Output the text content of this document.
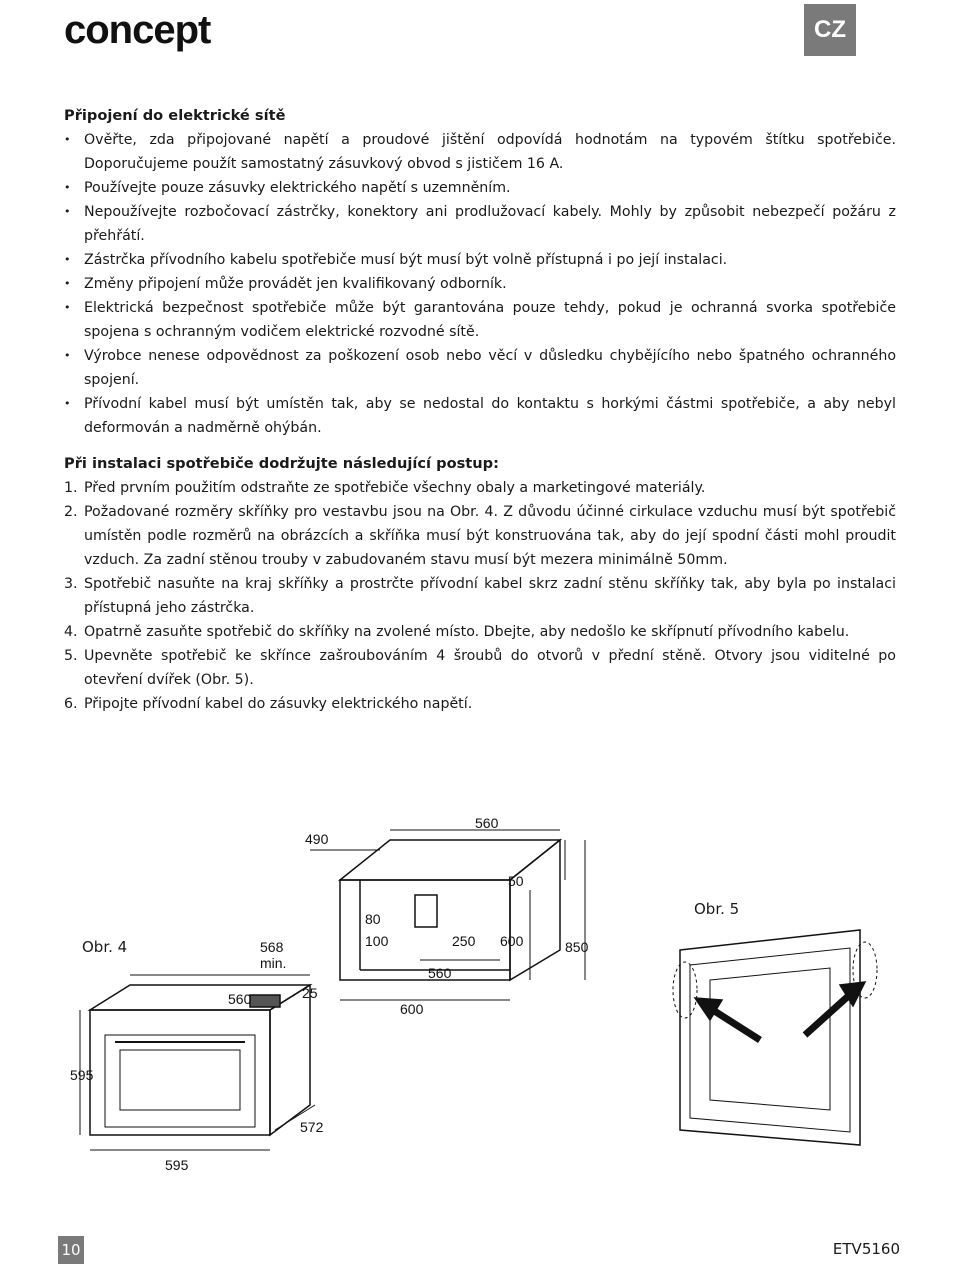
concept	CZ
Připojení do elektrické sítě
• Ověřte, zda připojované napětí a proudové jištění odpovídá hodnotám na typovém štítku spotřebiče. Doporučujeme použít samostatný zásuvkový obvod s jističem 16 A.
• Používejte pouze zásuvky elektrického napětí s uzemněním.
• Nepoužívejte rozbočovací zástrčky, konektory ani prodlužovací kabely. Mohly by způsobit nebezpečí požáru z přehřátí.
• Zástrčka přívodního kabelu spotřebiče musí být musí být volně přístupná i po její instalaci.
• Změny připojení může provádět jen kvalifikovaný odborník.
• Elektrická bezpečnost spotřebiče může být garantována pouze tehdy, pokud je ochranná svorka spotřebiče spojena s ochranným vodičem elektrické rozvodné sítě.
• Výrobce nenese odpovědnost za poškození osob nebo věcí v důsledku chybějícího nebo špatného ochranného spojení.
• Přívodní kabel musí být umístěn tak, aby se nedostal do kontaktu s horkými částmi spotřebiče, a aby nebyl deformován a nadměrně ohýbán.
Při instalaci spotřebiče dodržujte následující postup:
1. Před prvním použitím odstraňte ze spotřebiče všechny obaly a marketingové materiály.
2. Požadované rozměry skříňky pro vestavbu jsou na Obr. 4. Z důvodu účinné cirkulace vzduchu musí být spotřebič umístěn podle rozměrů na obrázcích a skříňka musí být konstruována tak, aby do její spodní části mohl proudit vzduch. Za zadní stěnou trouby v zabudovaném stavu musí být mezera minimálně 50mm.
3. Spotřebič nasuňte na kraj skříňky a prostrčte přívodní kabel skrz zadní stěnu skříňky tak, aby byla po instalaci přístupná jeho zástrčka.
4. Opatrně zasuňte spotřebič do skříňky na zvolené místo. Dbejte, aby nedošlo ke skřípnutí přívodního kabelu.
5. Upevněte spotřebič ke skřínce zašroubováním 4 šroubů do otvorů v přední stěně. Otvory jsou viditelné po otevření dvířek (Obr. 5).
6. Připojte přívodní kabel do zásuvky elektrického napětí.
490
560
50
80
100	250 600	850
560
600
568
min.
560	25
595
595
572
Obr. 4
Obr. 5
10	ETV5160
